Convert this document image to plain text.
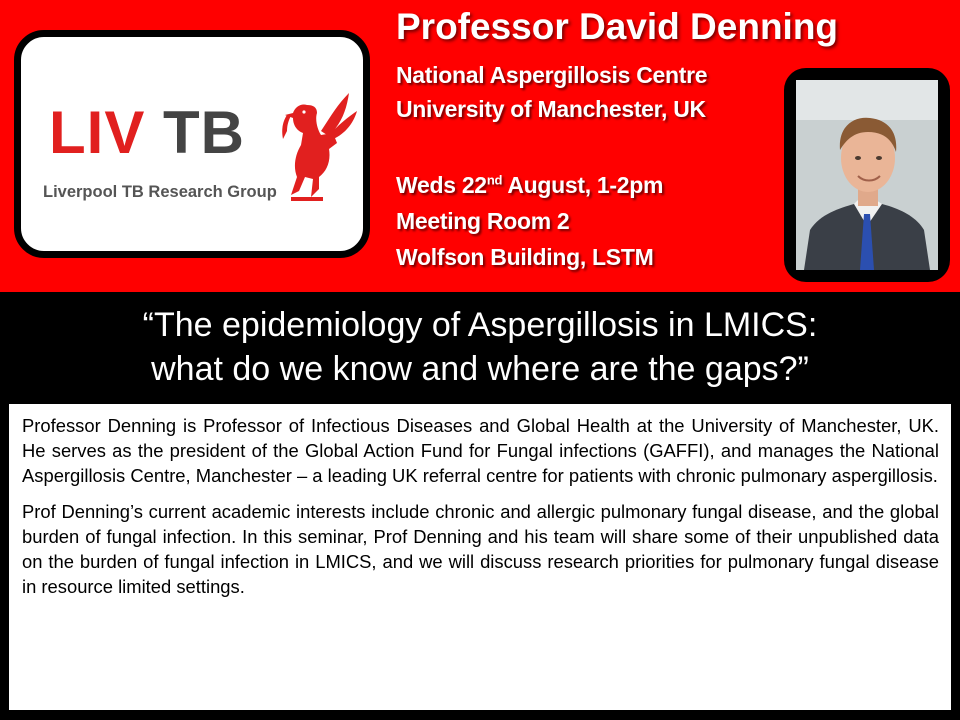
LIV TB
Liverpool TB Research Group
Professor David Denning
National Aspergillosis Centre
University of Manchester, UK
Weds 22nd August, 1-2pm
Meeting Room 2
Wolfson Building, LSTM
“The epidemiology of Aspergillosis in LMICS:
what do we know and where are the gaps?”

Professor Denning is Professor of Infectious Diseases and Global Health at the University of Manchester, UK. He serves as the president of the Global Action Fund for Fungal infections (GAFFI), and manages the National Aspergillosis Centre, Manchester – a leading UK referral centre for patients with chronic pulmonary aspergillosis.

Prof Denning’s current academic interests include chronic and allergic pulmonary fungal disease, and the global burden of fungal infection. In this seminar, Prof Denning and his team will share some of their unpublished data on the burden of fungal infection in LMICS, and we will discuss research priorities for pulmonary fungal disease in resource limited settings.
